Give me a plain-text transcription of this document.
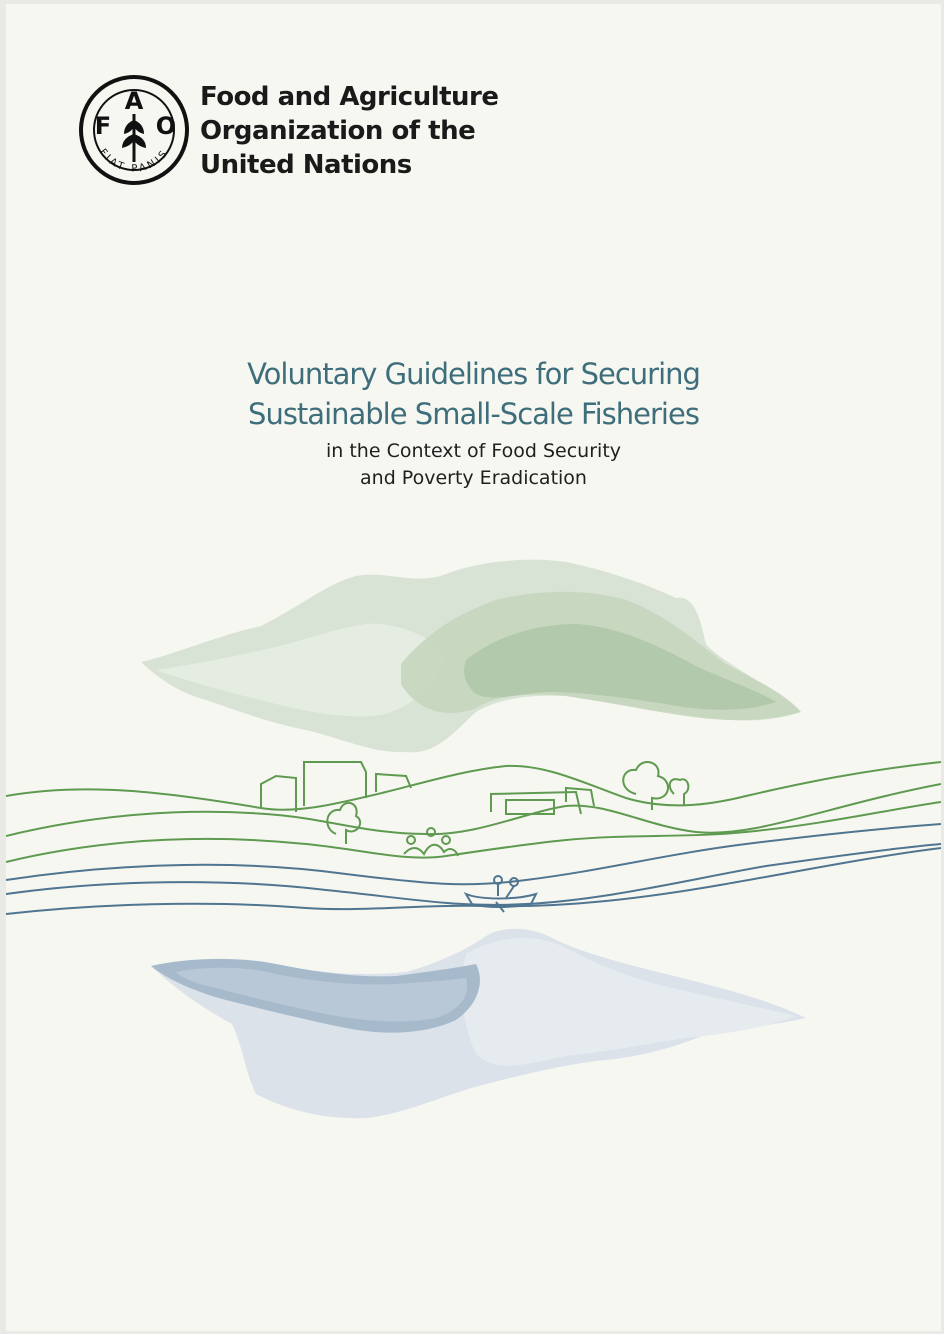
F
A
O
FIAT PANIS
Food and Agriculture
Organization of the
United Nations
Voluntary Guidelines for Securing
Sustainable Small-Scale Fisheries
in the Context of Food Security
and Poverty Eradication
